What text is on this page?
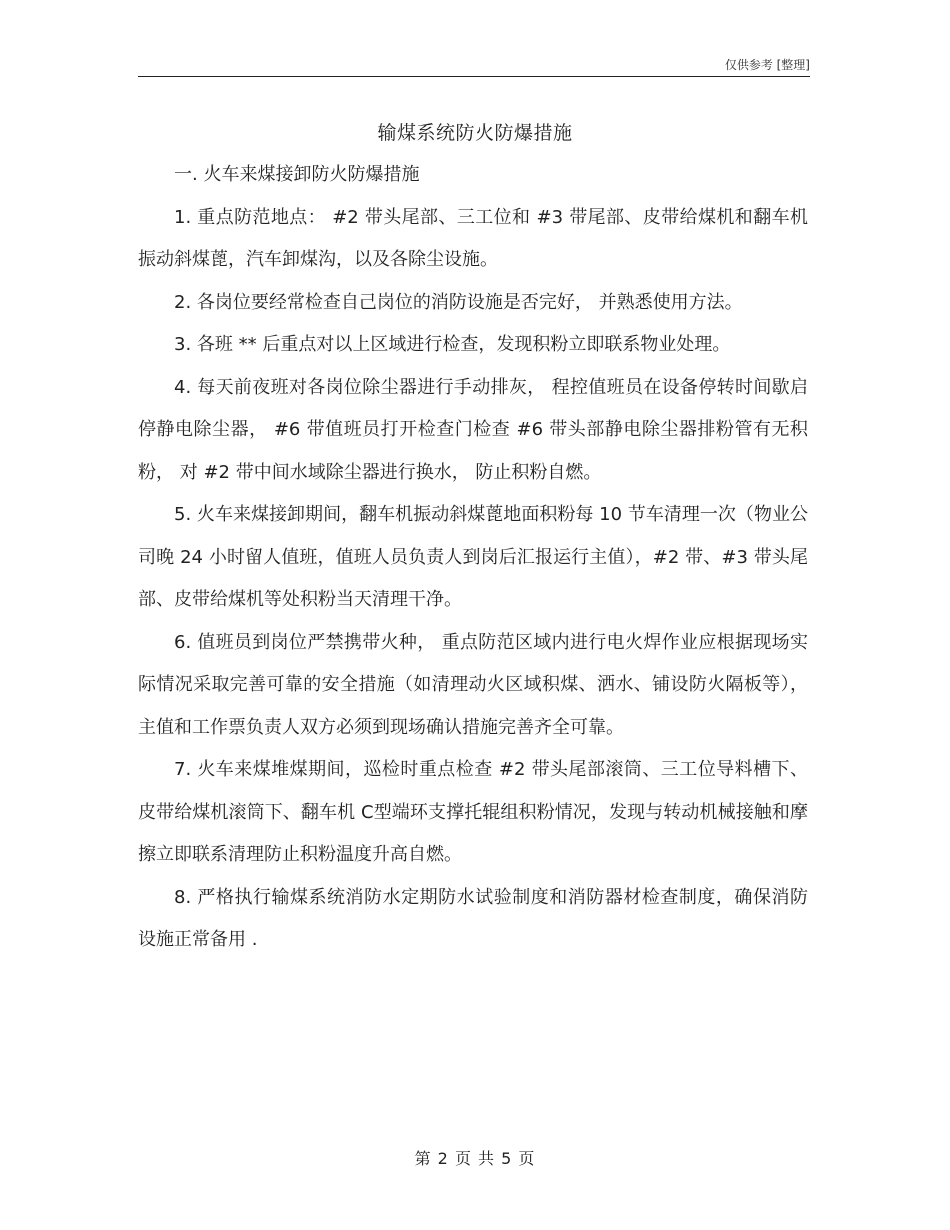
仅供参考 [整理]
输煤系统防火防爆措施

一. 火车来煤接卸防火防爆措施

1. 重点防范地点： #2 带头尾部、三工位和 #3 带尾部、皮带给煤机和翻车机振动斜煤蓖，汽车卸煤沟，以及各除尘设施。

2. 各岗位要经常检查自己岗位的消防设施是否完好， 并熟悉使用方法。

3. 各班 ** 后重点对以上区域进行检查，发现积粉立即联系物业处理。

4. 每天前夜班对各岗位除尘器进行手动排灰， 程控值班员在设备停转时间歇启停静电除尘器， #6 带值班员打开检查门检查 #6 带头部静电除尘器排粉管有无积粉， 对 #2 带中间水域除尘器进行换水， 防止积粉自燃。

5. 火车来煤接卸期间，翻车机振动斜煤蓖地面积粉每 10 节车清理一次（物业公司晚 24 小时留人值班，值班人员负责人到岗后汇报运行主值），#2 带、#3 带头尾部、皮带给煤机等处积粉当天清理干净。

6. 值班员到岗位严禁携带火种， 重点防范区域内进行电火焊作业应根据现场实际情况采取完善可靠的安全措施（如清理动火区域积煤、洒水、铺设防火隔板等），主值和工作票负责人双方必须到现场确认措施完善齐全可靠。

7. 火车来煤堆煤期间，巡检时重点检查 #2 带头尾部滚筒、三工位导料槽下、皮带给煤机滚筒下、翻车机 C型端环支撑托辊组积粉情况，发现与转动机械接触和摩擦立即联系清理防止积粉温度升高自燃。

8. 严格执行输煤系统消防水定期防水试验制度和消防器材检查制度，确保消防设施正常备用 .

第 2 页 共 5 页
